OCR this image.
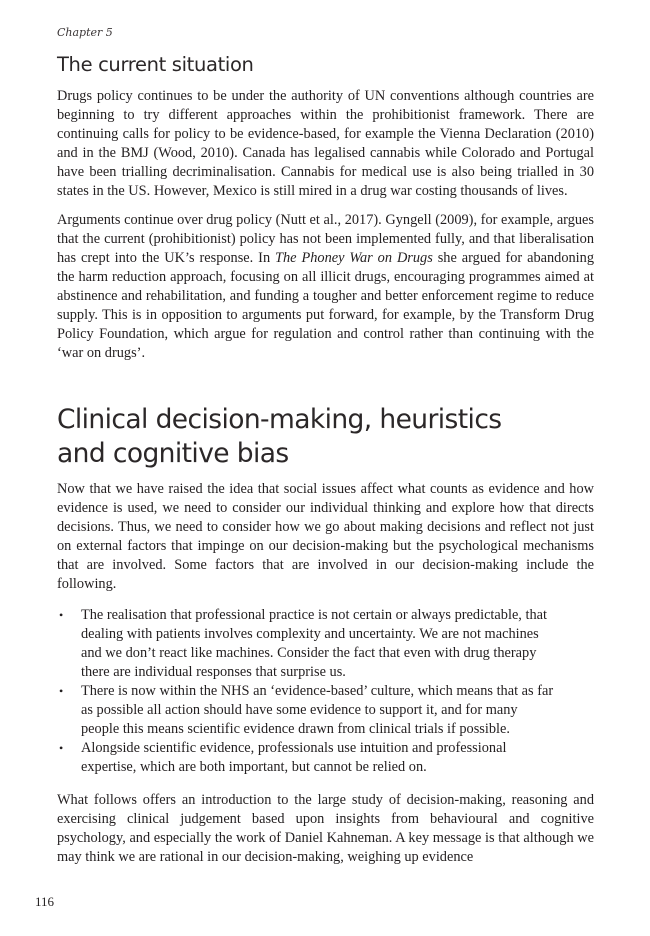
Chapter 5

The current situation

Drugs policy continues to be under the authority of UN conventions although countries are beginning to try different approaches within the prohibitionist framework. There are continuing calls for policy to be evidence-based, for example the Vienna Declaration (2010) and in the BMJ (Wood, 2010). Canada has legalised cannabis while Colorado and Portugal have been trialling decriminalisation. Cannabis for medical use is also being trialled in 30 states in the US. However, Mexico is still mired in a drug war costing thousands of lives.

Arguments continue over drug policy (Nutt et al., 2017). Gyngell (2009), for example, argues that the current (prohibitionist) policy has not been implemented fully, and that liberalisation has crept into the UK’s response. In The Phoney War on Drugs she argued for abandoning the harm reduction approach, focusing on all illicit drugs, encouraging programmes aimed at abstinence and rehabilitation, and funding a tougher and better enforcement regime to reduce supply. This is in opposition to arguments put forward, for example, by the Transform Drug Policy Foundation, which argue for regulation and control rather than continuing with the ‘war on drugs’.

Clinical decision-making, heuristics
and cognitive bias

Now that we have raised the idea that social issues affect what counts as evidence and how evidence is used, we need to consider our individual thinking and explore how that directs decisions. Thus, we need to consider how we go about making decisions and reflect not just on external factors that impinge on our decision-making but the psychological mechanisms that are involved. Some factors that are involved in our decision-making include the following.

• The realisation that professional practice is not certain or always predictable, that dealing with patients involves complexity and uncertainty. We are not machines and we don’t react like machines. Consider the fact that even with drug therapy there are individual responses that surprise us.
• There is now within the NHS an ‘evidence-based’ culture, which means that as far as possible all action should have some evidence to support it, and for many people this means scientific evidence drawn from clinical trials if possible.
• Alongside scientific evidence, professionals use intuition and professional expertise, which are both important, but cannot be relied on.

What follows offers an introduction to the large study of decision-making, reasoning and exercising clinical judgement based upon insights from behavioural and cognitive psychology, and especially the work of Daniel Kahneman. A key message is that although we may think we are rational in our decision-making, weighing up evidence

116
